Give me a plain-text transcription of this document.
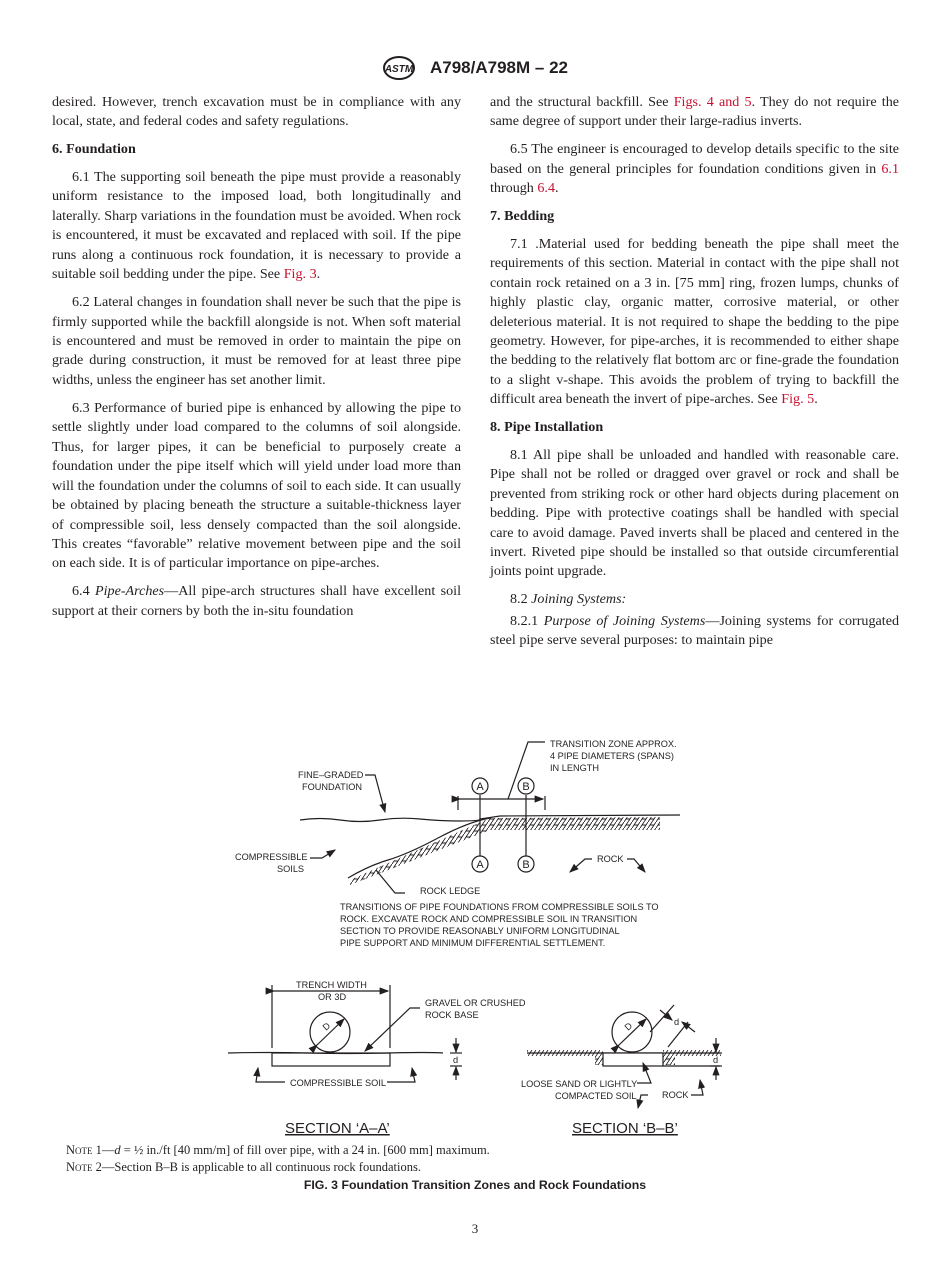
ASTM A798/A798M – 22

desired. However, trench excavation must be in compliance with any local, state, and federal codes and safety regulations.

6. Foundation

6.1 The supporting soil beneath the pipe must provide a reasonably uniform resistance to the imposed load, both longitudinally and laterally. Sharp variations in the foundation must be avoided. When rock is encountered, it must be excavated and replaced with soil. If the pipe runs along a continuous rock foundation, it is necessary to provide a suitable soil bedding under the pipe. See Fig. 3.

6.2 Lateral changes in foundation shall never be such that the pipe is firmly supported while the backfill alongside is not. When soft material is encountered and must be removed in order to maintain the pipe on grade during construction, it must be removed for at least three pipe widths, unless the engineer has set another limit.

6.3 Performance of buried pipe is enhanced by allowing the pipe to settle slightly under load compared to the columns of soil alongside. Thus, for larger pipes, it can be beneficial to purposely create a foundation under the pipe itself which will yield under load more than will the foundation under the columns of soil to each side. It can usually be obtained by placing beneath the structure a suitable-thickness layer of compressible soil, less densely compacted than the soil alongside. This creates “favorable” relative movement between pipe and the soil on each side. It is of particular importance on pipe-arches.

6.4 Pipe-Arches—All pipe-arch structures shall have excellent soil support at their corners by both the in-situ foundation

and the structural backfill. See Figs. 4 and 5. They do not require the same degree of support under their large-radius inverts.

6.5 The engineer is encouraged to develop details specific to the site based on the general principles for foundation conditions given in 6.1 through 6.4.

7. Bedding

7.1 .Material used for bedding beneath the pipe shall meet the requirements of this section. Material in contact with the pipe shall not contain rock retained on a 3 in. [75 mm] ring, frozen lumps, chunks of highly plastic clay, organic matter, corrosive material, or other deleterious material. It is not required to shape the bedding to the pipe geometry. However, for pipe-arches, it is recommended to either shape the bedding to the relatively flat bottom arc or fine-grade the foundation to a slight v-shape. This avoids the problem of trying to backfill the difficult area beneath the invert of pipe-arches. See Fig. 5.

8. Pipe Installation

8.1 All pipe shall be unloaded and handled with reasonable care. Pipe shall not be rolled or dragged over gravel or rock and shall be prevented from striking rock or other hard objects during placement on bedding. Pipe with protective coatings shall be handled with special care to avoid damage. Paved inverts shall be placed and centered in the invert. Riveted pipe should be installed so that outside circumferential joints point upgrade.

8.2 Joining Systems:

8.2.1 Purpose of Joining Systems—Joining systems for corrugated steel pipe serve several purposes: to maintain pipe

TRANSITION ZONE APPROX.
4 PIPE DIAMETERS (SPANS)
IN LENGTH
FINE–GRADED
FOUNDATION
COMPRESSIBLE
SOILS
ROCK LEDGE
ROCK
A	B
A	B
TRANSITIONS OF PIPE FOUNDATIONS FROM COMPRESSIBLE SOILS TO
ROCK. EXCAVATE ROCK AND COMPRESSIBLE SOIL IN TRANSITION
SECTION TO PROVIDE REASONABLY UNIFORM LONGITUDINAL
PIPE SUPPORT AND MINIMUM DIFFERENTIAL SETTLEMENT.
TRENCH WIDTH
OR 3D
GRAVEL OR CRUSHED
ROCK BASE
D
d
COMPRESSIBLE SOIL
SECTION ‘A–A’
D	d
d
LOOSE SAND OR LIGHTLY
COMPACTED SOIL	ROCK
SECTION ‘B–B’
Note 1—d = ½ in./ft [40 mm/m] of fill over pipe, with a 24 in. [600 mm] maximum.
Note 2—Section B–B is applicable to all continuous rock foundations.
FIG. 3 Foundation Transition Zones and Rock Foundations
3
